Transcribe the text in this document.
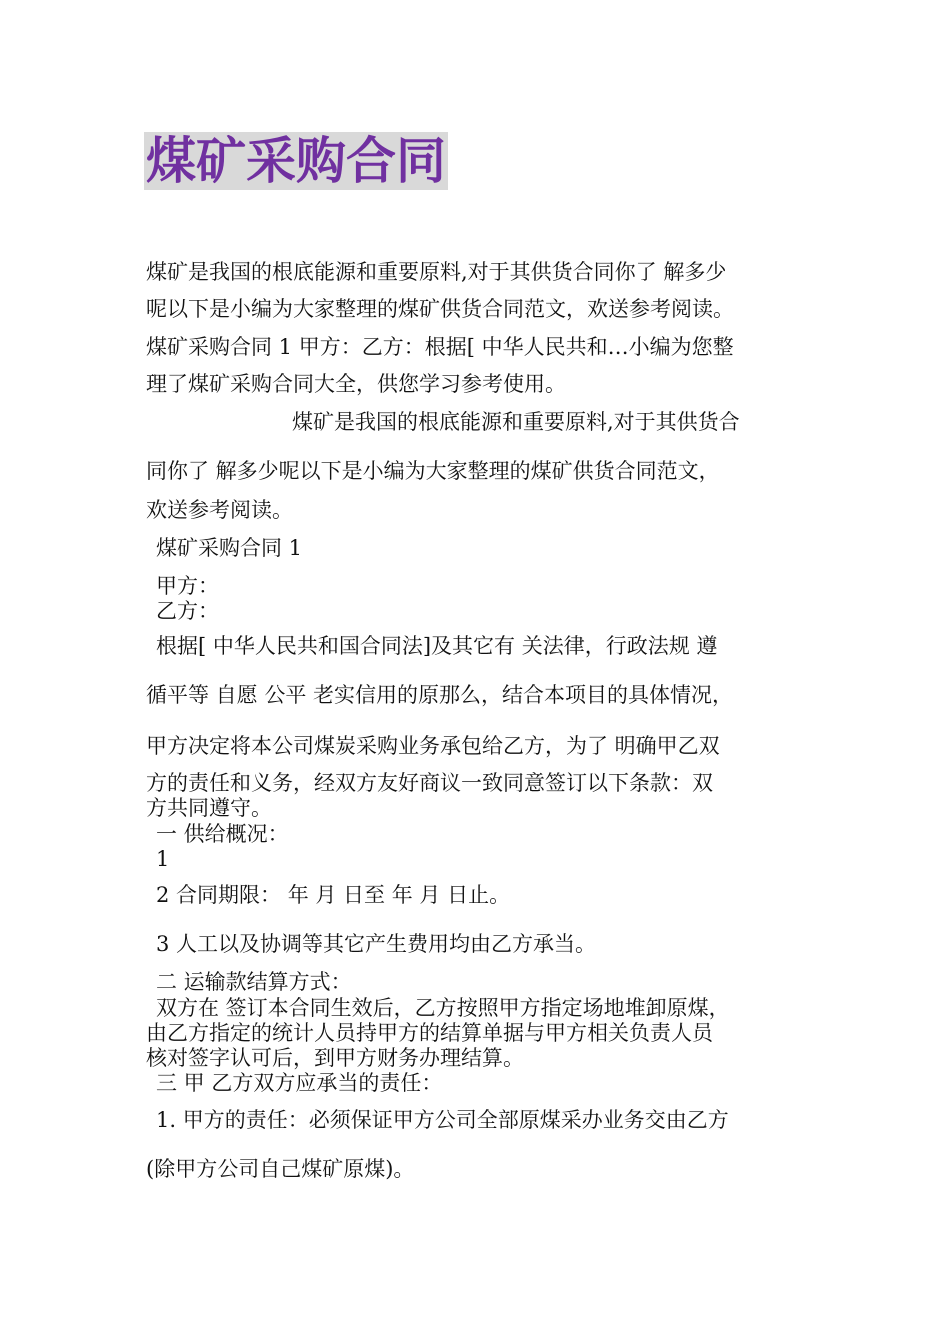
煤矿采购合同
煤矿是我国的根底能源和重要原料,对于其供货合同你了 解多少
呢以下是小编为大家整理的煤矿供货合同范文，欢送参考阅读。
煤矿采购合同 1 甲方：乙方：根据[ 中华人民共和…小编为您整
理了煤矿采购合同大全，供您学习参考使用。
煤矿是我国的根底能源和重要原料,对于其供货合
同你了 解多少呢以下是小编为大家整理的煤矿供货合同范文，
欢送参考阅读。
煤矿采购合同 1
甲方：
乙方：
根据[ 中华人民共和国合同法]及其它有 关法律，行政法规 遵
循平等 自愿 公平 老实信用的原那么，结合本项目的具体情况，
甲方决定将本公司煤炭采购业务承包给乙方，为了 明确甲乙双
方的责任和义务，经双方友好商议一致同意签订以下条款：双
方共同遵守。
一 供给概况：
1
2 合同期限： 年 月 日至 年 月 日止。
3 人工以及协调等其它产生费用均由乙方承当。
二 运输款结算方式：
双方在 签订本合同生效后，乙方按照甲方指定场地堆卸原煤，
由乙方指定的统计人员持甲方的结算单据与甲方相关负责人员
核对签字认可后，到甲方财务办理结算。
三 甲 乙方双方应承当的责任：
1. 甲方的责任：必须保证甲方公司全部原煤采办业务交由乙方
(除甲方公司自己煤矿原煤)。
